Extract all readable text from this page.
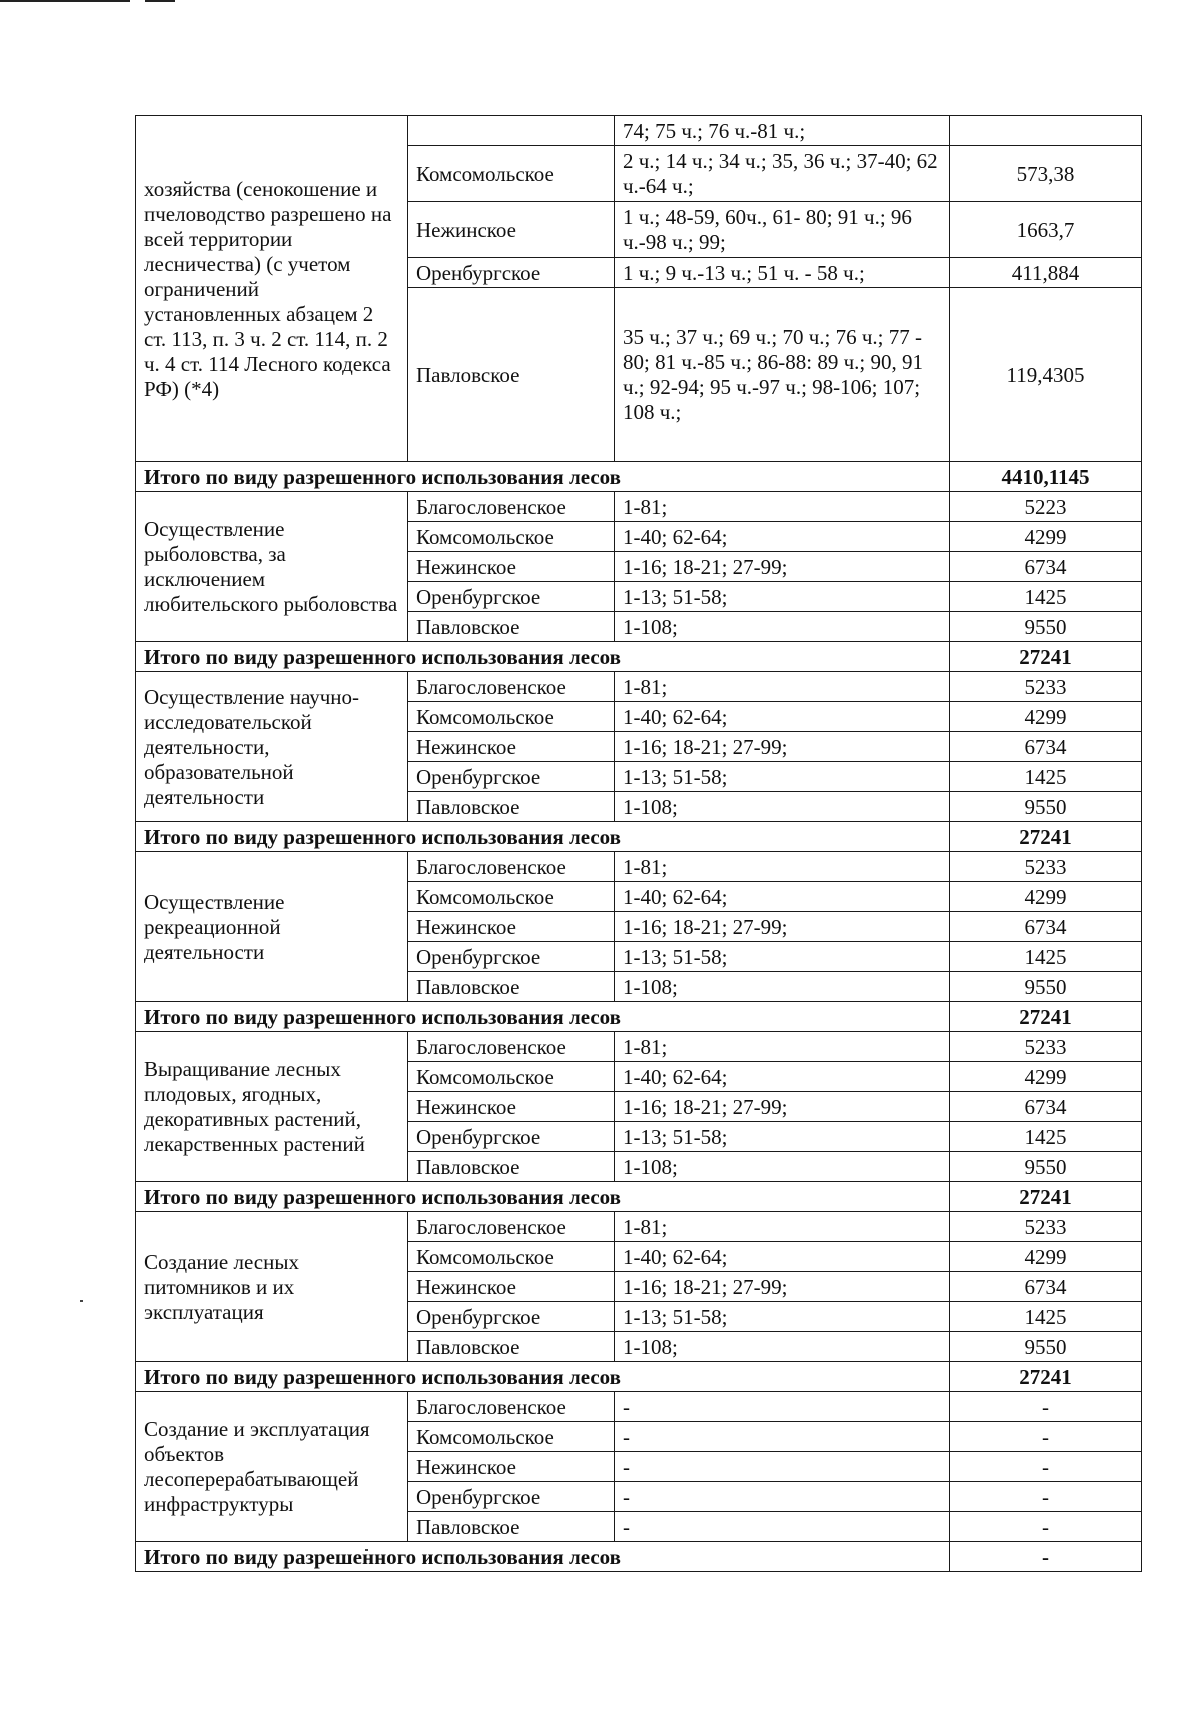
хозяйства (сенокошение и пчеловодство разрешено на всей территории лесничества) (с учетом ограничений установленных абзацем 2 ст. 113, п. 3 ч. 2 ст. 114, п. 2 ч. 4 ст. 114 Лесного кодекса РФ) (*4)		74; 75 ч.; 76 ч.-81 ч.;	
	Комсомольское	2 ч.; 14 ч.; 34 ч.; 35, 36 ч.; 37-40; 62 ч.-64 ч.;	573,38
	Нежинское	1 ч.; 48-59, 60ч., 61- 80; 91 ч.; 96 ч.-98 ч.; 99;	1663,7
	Оренбургское	1 ч.; 9 ч.-13 ч.; 51 ч. - 58 ч.;	411,884
	Павловское	35 ч.; 37 ч.; 69 ч.; 70 ч.; 76 ч.; 77 - 80; 81 ч.-85 ч.; 86-88: 89 ч.; 90, 91 ч.; 92-94; 95 ч.-97 ч.; 98-106; 107; 108 ч.;	119,4305
Итого по виду разрешенного использования лесов			4410,1145
Осуществление рыболовства, за исключением любительского рыболовства	Благословенское	1-81;	5223
	Комсомольское	1-40; 62-64;	4299
	Нежинское	1-16; 18-21; 27-99;	6734
	Оренбургское	1-13; 51-58;	1425
	Павловское	1-108;	9550
Итого по виду разрешенного использования лесов			27241
Осуществление научно-исследовательской деятельности, образовательной деятельности	Благословенское	1-81;	5233
	Комсомольское	1-40; 62-64;	4299
	Нежинское	1-16; 18-21; 27-99;	6734
	Оренбургское	1-13; 51-58;	1425
	Павловское	1-108;	9550
Итого по виду разрешенного использования лесов			27241
Осуществление рекреационной деятельности	Благословенское	1-81;	5233
	Комсомольское	1-40; 62-64;	4299
	Нежинское	1-16; 18-21; 27-99;	6734
	Оренбургское	1-13; 51-58;	1425
	Павловское	1-108;	9550
Итого по виду разрешенного использования лесов			27241
Выращивание лесных плодовых, ягодных, декоративных растений, лекарственных растений	Благословенское	1-81;	5233
	Комсомольское	1-40; 62-64;	4299
	Нежинское	1-16; 18-21; 27-99;	6734
	Оренбургское	1-13; 51-58;	1425
	Павловское	1-108;	9550
Итого по виду разрешенного использования лесов			27241
Создание лесных питомников и их эксплуатация	Благословенское	1-81;	5233
	Комсомольское	1-40; 62-64;	4299
	Нежинское	1-16; 18-21; 27-99;	6734
	Оренбургское	1-13; 51-58;	1425
	Павловское	1-108;	9550
Итого по виду разрешенного использования лесов			27241
Создание и эксплуатация объектов лесоперерабатывающей инфраструктуры	Благословенское	-	-
	Комсомольское	-	-
	Нежинское	-	-
	Оренбургское	-	-
	Павловское	-	-
Итого по виду разрешенного использования лесов			-
